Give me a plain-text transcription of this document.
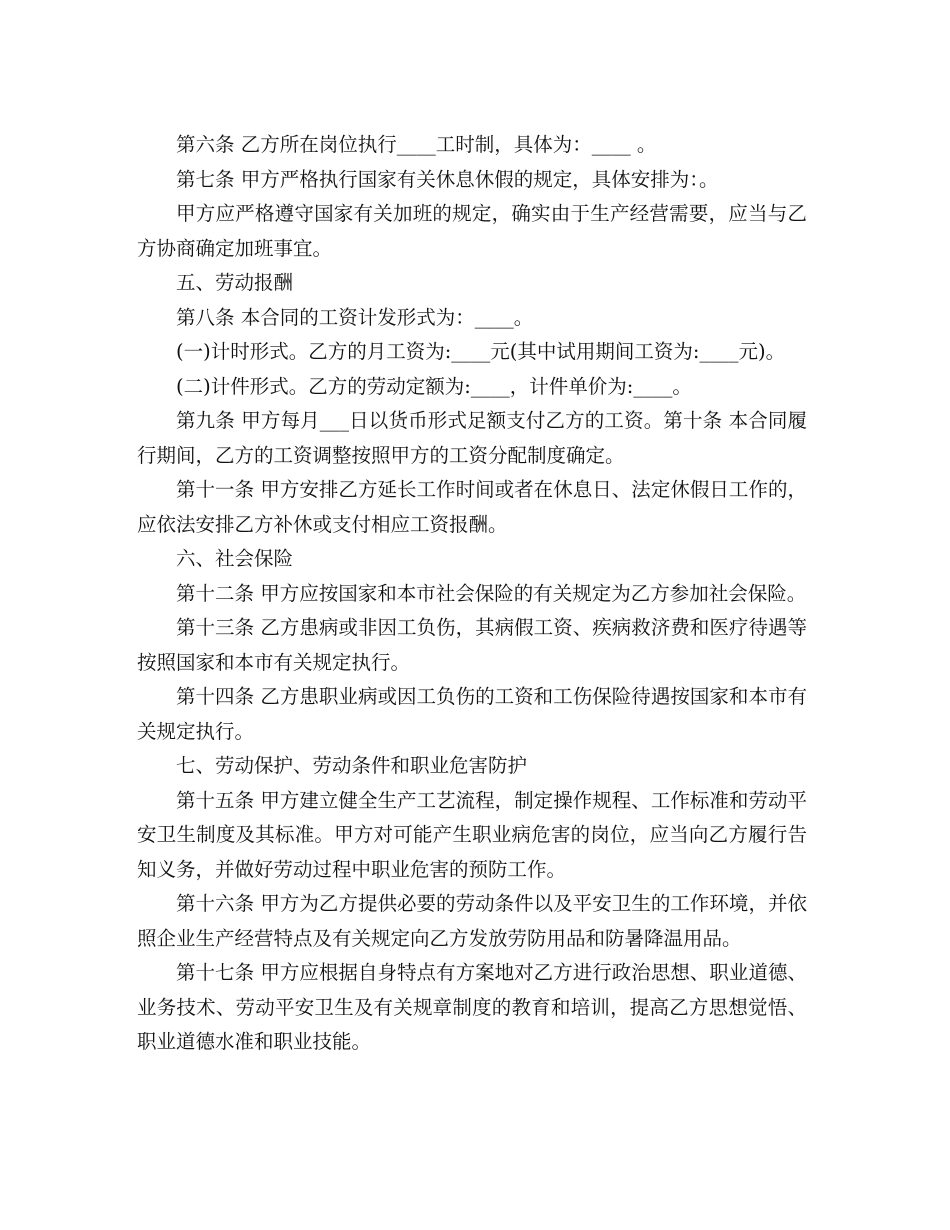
第六条 乙方所在岗位执行____工时制，具体为：____ 。

第七条 甲方严格执行国家有关休息休假的规定，具体安排为：。

甲方应严格遵守国家有关加班的规定，确实由于生产经营需要，应当与乙方协商确定加班事宜。

五、劳动报酬

第八条 本合同的工资计发形式为：____。

(一)计时形式。乙方的月工资为:____元(其中试用期间工资为:____元)。

(二)计件形式。乙方的劳动定额为:____，计件单价为:____。

第九条 甲方每月___日以货币形式足额支付乙方的工资。第十条 本合同履行期间，乙方的工资调整按照甲方的工资分配制度确定。

第十一条 甲方安排乙方延长工作时间或者在休息日、法定休假日工作的，应依法安排乙方补休或支付相应工资报酬。

六、社会保险

第十二条 甲方应按国家和本市社会保险的有关规定为乙方参加社会保险。

第十三条 乙方患病或非因工负伤，其病假工资、疾病救济费和医疗待遇等按照国家和本市有关规定执行。

第十四条 乙方患职业病或因工负伤的工资和工伤保险待遇按国家和本市有关规定执行。

七、劳动保护、劳动条件和职业危害防护

第十五条 甲方建立健全生产工艺流程，制定操作规程、工作标准和劳动平安卫生制度及其标准。甲方对可能产生职业病危害的岗位，应当向乙方履行告知义务，并做好劳动过程中职业危害的预防工作。

第十六条 甲方为乙方提供必要的劳动条件以及平安卫生的工作环境，并依照企业生产经营特点及有关规定向乙方发放劳防用品和防暑降温用品。

第十七条 甲方应根据自身特点有方案地对乙方进行政治思想、职业道德、业务技术、劳动平安卫生及有关规章制度的教育和培训，提高乙方思想觉悟、职业道德水准和职业技能。
